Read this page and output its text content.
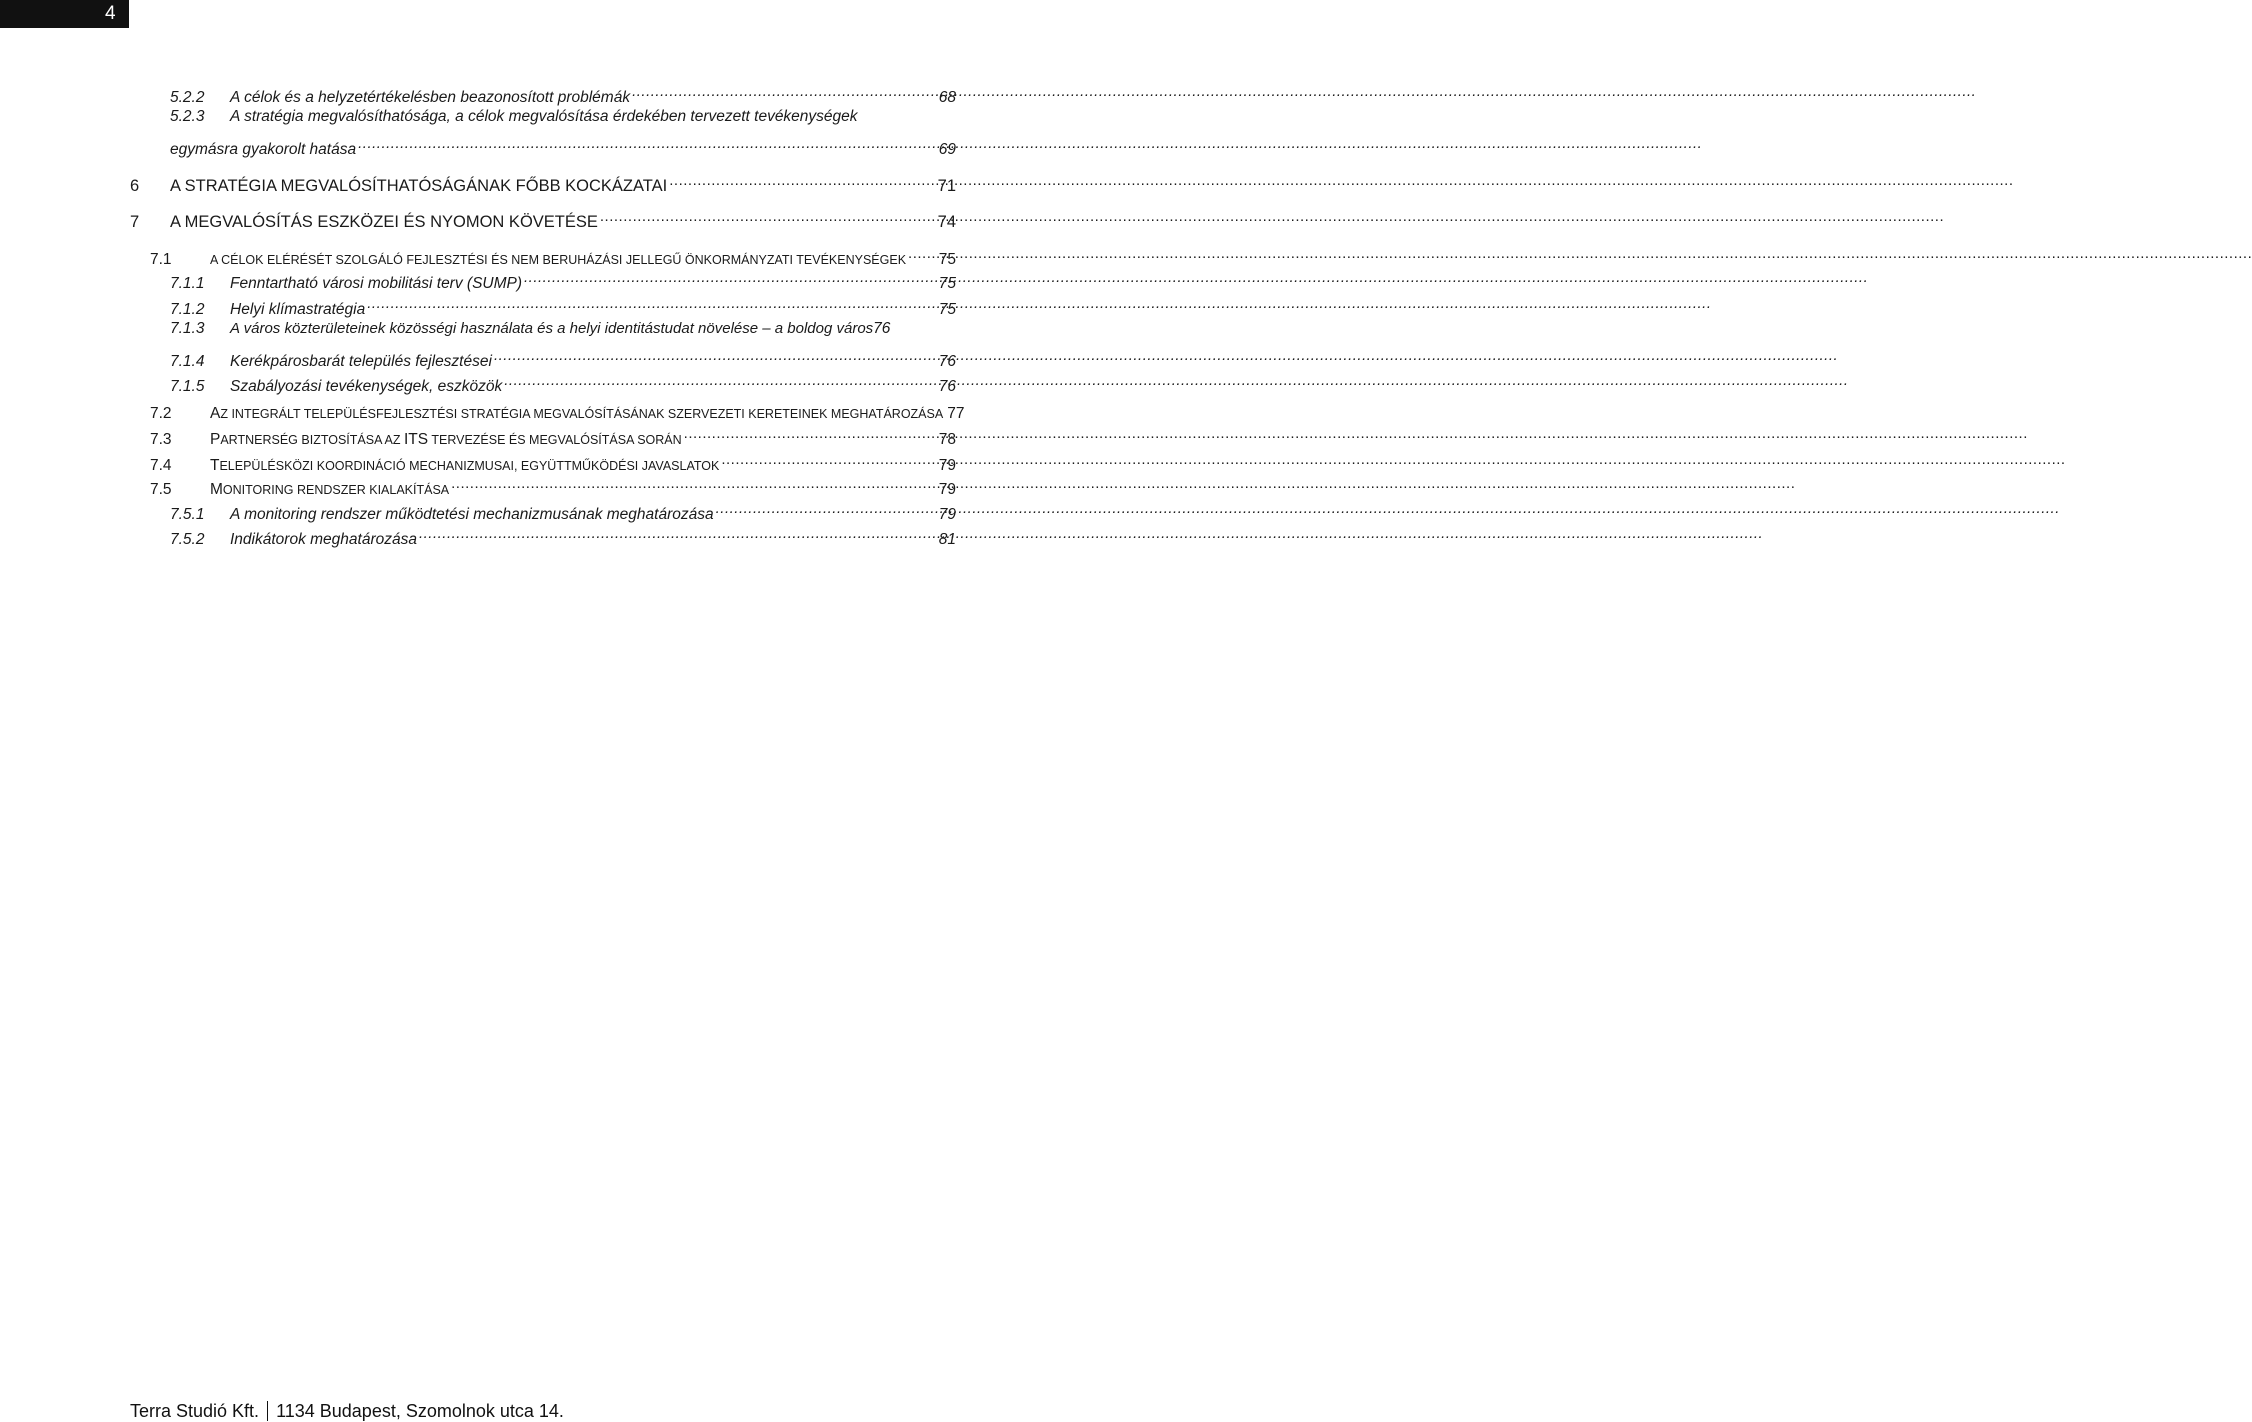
4
5.2.2	A célok és a helyzetértékelésben beazonosított problémák .....	68
5.2.3	A stratégia megvalósíthatósága, a célok megvalósítása érdekében tervezett tevékenységek
egymásra gyakorolt hatása .....	69
6	A STRATÉGIA MEGVALÓSÍTHATÓSÁGÁNAK FŐBB KOCKÁZATAI .....	71
7	A MEGVALÓSÍTÁS ESZKÖZEI ÉS NYOMON KÖVETÉSE .....	74
7.1	A CÉLOK ELÉRÉSÉT SZOLGÁLÓ FEJLESZTÉSI ÉS NEM BERUHÁZÁSI JELLEGŰ ÖNKORMÁNYZATI TEVÉKENYSÉGEK ..... 75
7.1.1	Fenntartható városi mobilitási terv (SUMP) .....	75
7.1.2	Helyi klímastratégia .....	75
7.1.3	A város közterületeinek közösségi használata és a helyi identitástudat növelése – a boldog város 76
7.1.4	Kerékpárosbarát település fejlesztései .....	76
7.1.5	Szabályozási tevékenységek, eszközök .....	76
7.2	AZ INTEGRÁLT TELEPÜLÉSFEJLESZTÉSI STRATÉGIA MEGVALÓSÍTÁSÁNAK SZERVEZETI KERETEINEK MEGHATÁROZÁSA 77
7.3	PARTNERSÉG BIZTOSÍTÁSA AZ ITS TERVEZÉSE ÉS MEGVALÓSÍTÁSA SORÁN .....	78
7.4	TELEPÜLÉSKÖZI KOORDINÁCIÓ MECHANIZMUSAI, EGYÜTTMŰKÖDÉSI JAVASLATOK .....	79
7.5	MONITORING RENDSZER KIALAKÍTÁSA .....	79
7.5.1	A monitoring rendszer működtetési mechanizmusának meghatározása .....	79
7.5.2	Indikátorok meghatározása .....	81
Terra Studió Kft. 1134 Budapest, Szomolnok utca 14.
